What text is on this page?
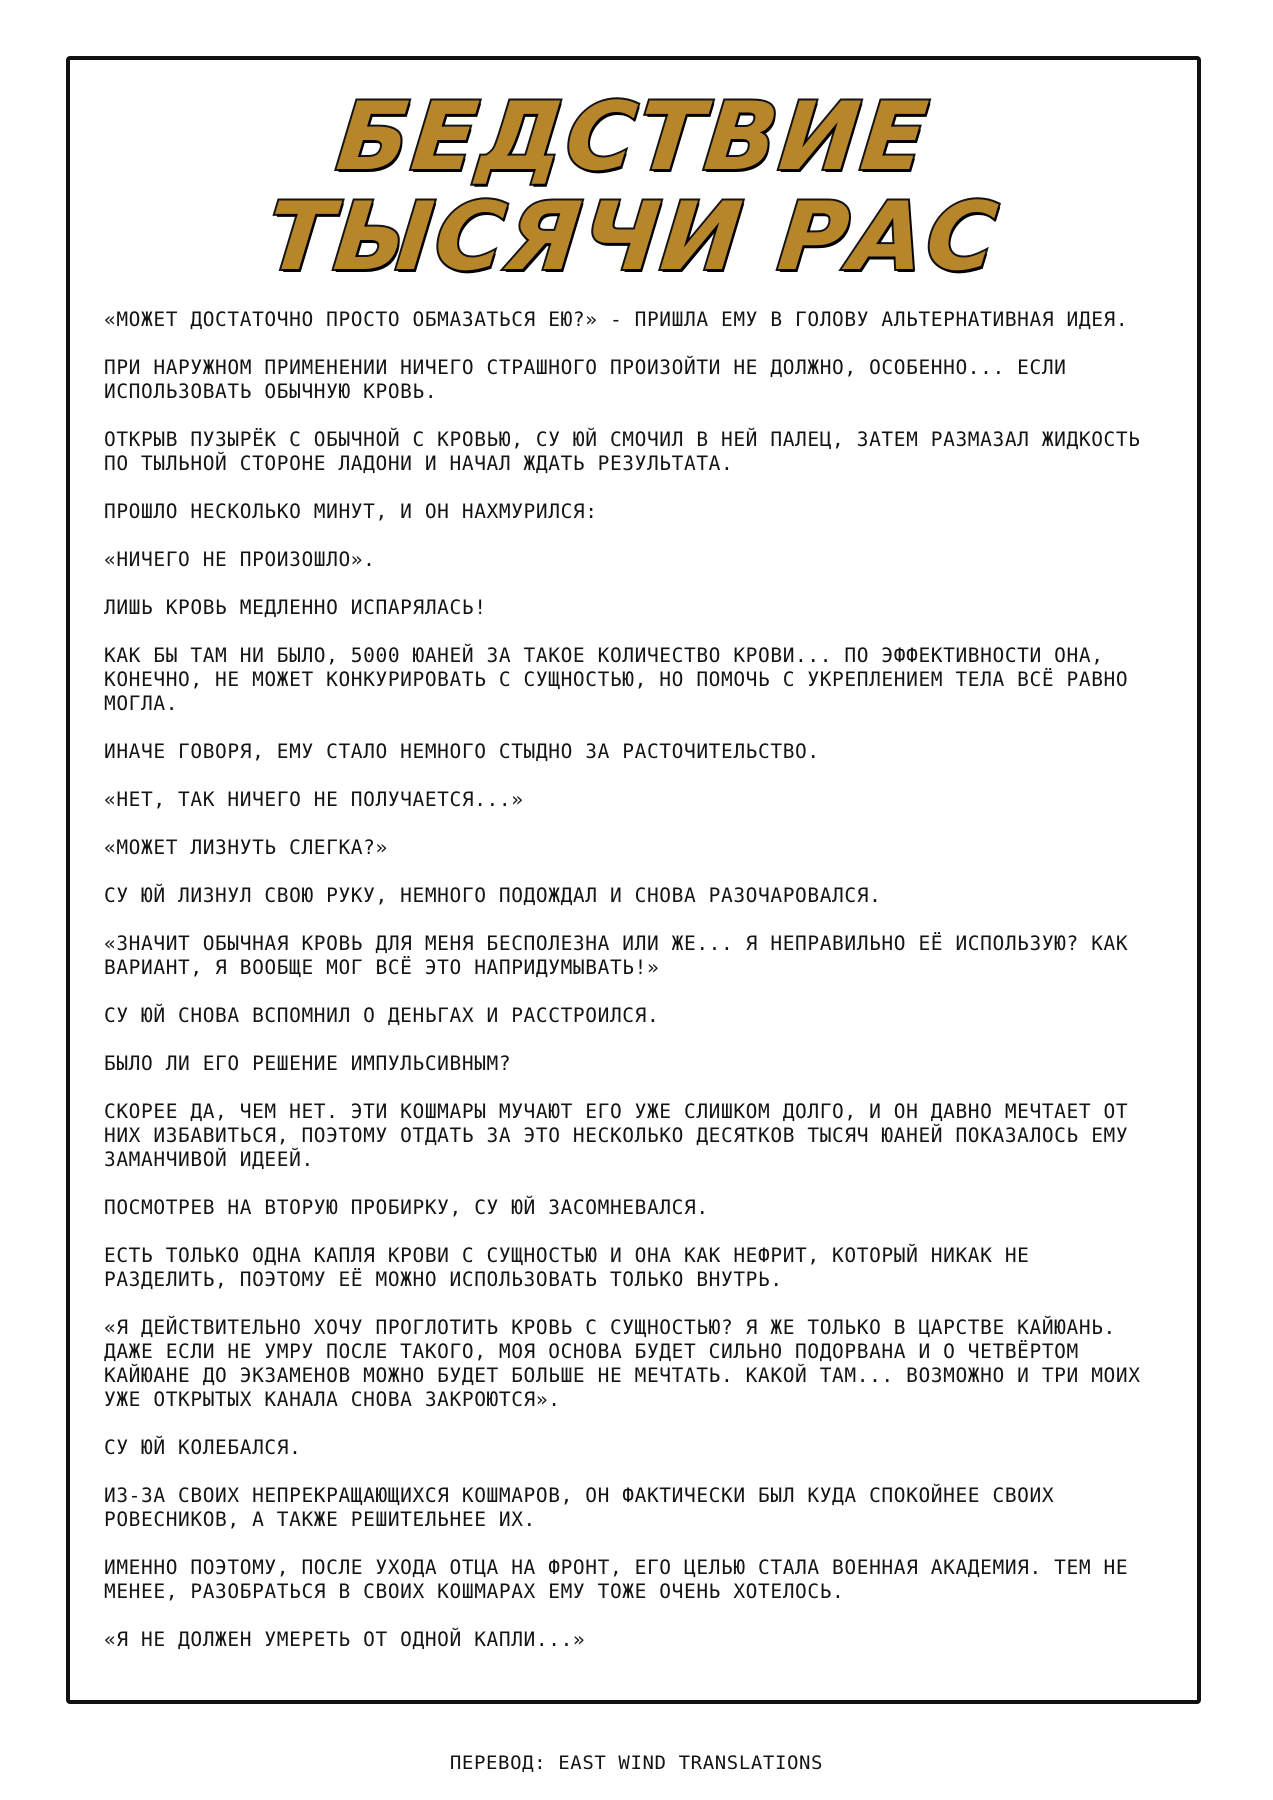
БЕДСТВИЕ
ТЫСЯЧИ РАС

«МОЖЕТ ДОСТАТОЧНО ПРОСТО ОБМАЗАТЬСЯ ЕЮ?» - ПРИШЛА ЕМУ В ГОЛОВУ АЛЬТЕРНАТИВНАЯ ИДЕЯ.

ПРИ НАРУЖНОМ ПРИМЕНЕНИИ НИЧЕГО СТРАШНОГО ПРОИЗОЙТИ НЕ ДОЛЖНО, ОСОБЕННО... ЕСЛИ ИСПОЛЬЗОВАТЬ ОБЫЧНУЮ КРОВЬ.

ОТКРЫВ ПУЗЫРЁК С ОБЫЧНОЙ С КРОВЬЮ, СУ ЮЙ СМОЧИЛ В НЕЙ ПАЛЕЦ, ЗАТЕМ РАЗМАЗАЛ ЖИДКОСТЬ ПО ТЫЛЬНОЙ СТОРОНЕ ЛАДОНИ И НАЧАЛ ЖДАТЬ РЕЗУЛЬТАТА.

ПРОШЛО НЕСКОЛЬКО МИНУТ, И ОН НАХМУРИЛСЯ:

«НИЧЕГО НЕ ПРОИЗОШЛО».

ЛИШЬ КРОВЬ МЕДЛЕННО ИСПАРЯЛАСЬ!

КАК БЫ ТАМ НИ БЫЛО, 5000 ЮАНЕЙ ЗА ТАКОЕ КОЛИЧЕСТВО КРОВИ... ПО ЭФФЕКТИВНОСТИ ОНА, КОНЕЧНО, НЕ МОЖЕТ КОНКУРИРОВАТЬ С СУЩНОСТЬЮ, НО ПОМОЧЬ С УКРЕПЛЕНИЕМ ТЕЛА ВСЁ РАВНО МОГЛА.

ИНАЧЕ ГОВОРЯ, ЕМУ СТАЛО НЕМНОГО СТЫДНО ЗА РАСТОЧИТЕЛЬСТВО.

«НЕТ, ТАК НИЧЕГО НЕ ПОЛУЧАЕТСЯ...»

«МОЖЕТ ЛИЗНУТЬ СЛЕГКА?»

СУ ЮЙ ЛИЗНУЛ СВОЮ РУКУ, НЕМНОГО ПОДОЖДАЛ И СНОВА РАЗОЧАРОВАЛСЯ.

«ЗНАЧИТ ОБЫЧНАЯ КРОВЬ ДЛЯ МЕНЯ БЕСПОЛЕЗНА ИЛИ ЖЕ... Я НЕПРАВИЛЬНО ЕЁ ИСПОЛЬЗУЮ? КАК ВАРИАНТ, Я ВООБЩЕ МОГ ВСЁ ЭТО НАПРИДУМЫВАТЬ!»

СУ ЮЙ СНОВА ВСПОМНИЛ О ДЕНЬГАХ И РАССТРОИЛСЯ.

БЫЛО ЛИ ЕГО РЕШЕНИЕ ИМПУЛЬСИВНЫМ?

СКОРЕЕ ДА, ЧЕМ НЕТ. ЭТИ КОШМАРЫ МУЧАЮТ ЕГО УЖЕ СЛИШКОМ ДОЛГО, И ОН ДАВНО МЕЧТАЕТ ОТ НИХ ИЗБАВИТЬСЯ, ПОЭТОМУ ОТДАТЬ ЗА ЭТО НЕСКОЛЬКО ДЕСЯТКОВ ТЫСЯЧ ЮАНЕЙ ПОКАЗАЛОСЬ ЕМУ ЗАМАНЧИВОЙ ИДЕЕЙ.

ПОСМОТРЕВ НА ВТОРУЮ ПРОБИРКУ, СУ ЮЙ ЗАСОМНЕВАЛСЯ.

ЕСТЬ ТОЛЬКО ОДНА КАПЛЯ КРОВИ С СУЩНОСТЬЮ И ОНА КАК НЕФРИТ, КОТОРЫЙ НИКАК НЕ РАЗДЕЛИТЬ, ПОЭТОМУ ЕЁ МОЖНО ИСПОЛЬЗОВАТЬ ТОЛЬКО ВНУТРЬ.

«Я ДЕЙСТВИТЕЛЬНО ХОЧУ ПРОГЛОТИТЬ КРОВЬ С СУЩНОСТЬЮ? Я ЖЕ ТОЛЬКО В ЦАРСТВЕ КАЙЮАНЬ. ДАЖЕ ЕСЛИ НЕ УМРУ ПОСЛЕ ТАКОГО, МОЯ ОСНОВА БУДЕТ СИЛЬНО ПОДОРВАНА И О ЧЕТВЁРТОМ КАЙЮАНЕ ДО ЭКЗАМЕНОВ МОЖНО БУДЕТ БОЛЬШЕ НЕ МЕЧТАТЬ. КАКОЙ ТАМ... ВОЗМОЖНО И ТРИ МОИХ УЖЕ ОТКРЫТЫХ КАНАЛА СНОВА ЗАКРОЮТСЯ».

СУ ЮЙ КОЛЕБАЛСЯ.

ИЗ-ЗА СВОИХ НЕПРЕКРАЩАЮЩИХСЯ КОШМАРОВ, ОН ФАКТИЧЕСКИ БЫЛ КУДА СПОКОЙНЕЕ СВОИХ РОВЕСНИКОВ, А ТАКЖЕ РЕШИТЕЛЬНЕЕ ИХ.

ИМЕННО ПОЭТОМУ, ПОСЛЕ УХОДА ОТЦА НА ФРОНТ, ЕГО ЦЕЛЬЮ СТАЛА ВОЕННАЯ АКАДЕМИЯ. ТЕМ НЕ МЕНЕЕ, РАЗОБРАТЬСЯ В СВОИХ КОШМАРАХ ЕМУ ТОЖЕ ОЧЕНЬ ХОТЕЛОСЬ.

«Я НЕ ДОЛЖЕН УМЕРЕТЬ ОТ ОДНОЙ КАПЛИ...»

ПЕРЕВОД: EAST WIND TRANSLATIONS
